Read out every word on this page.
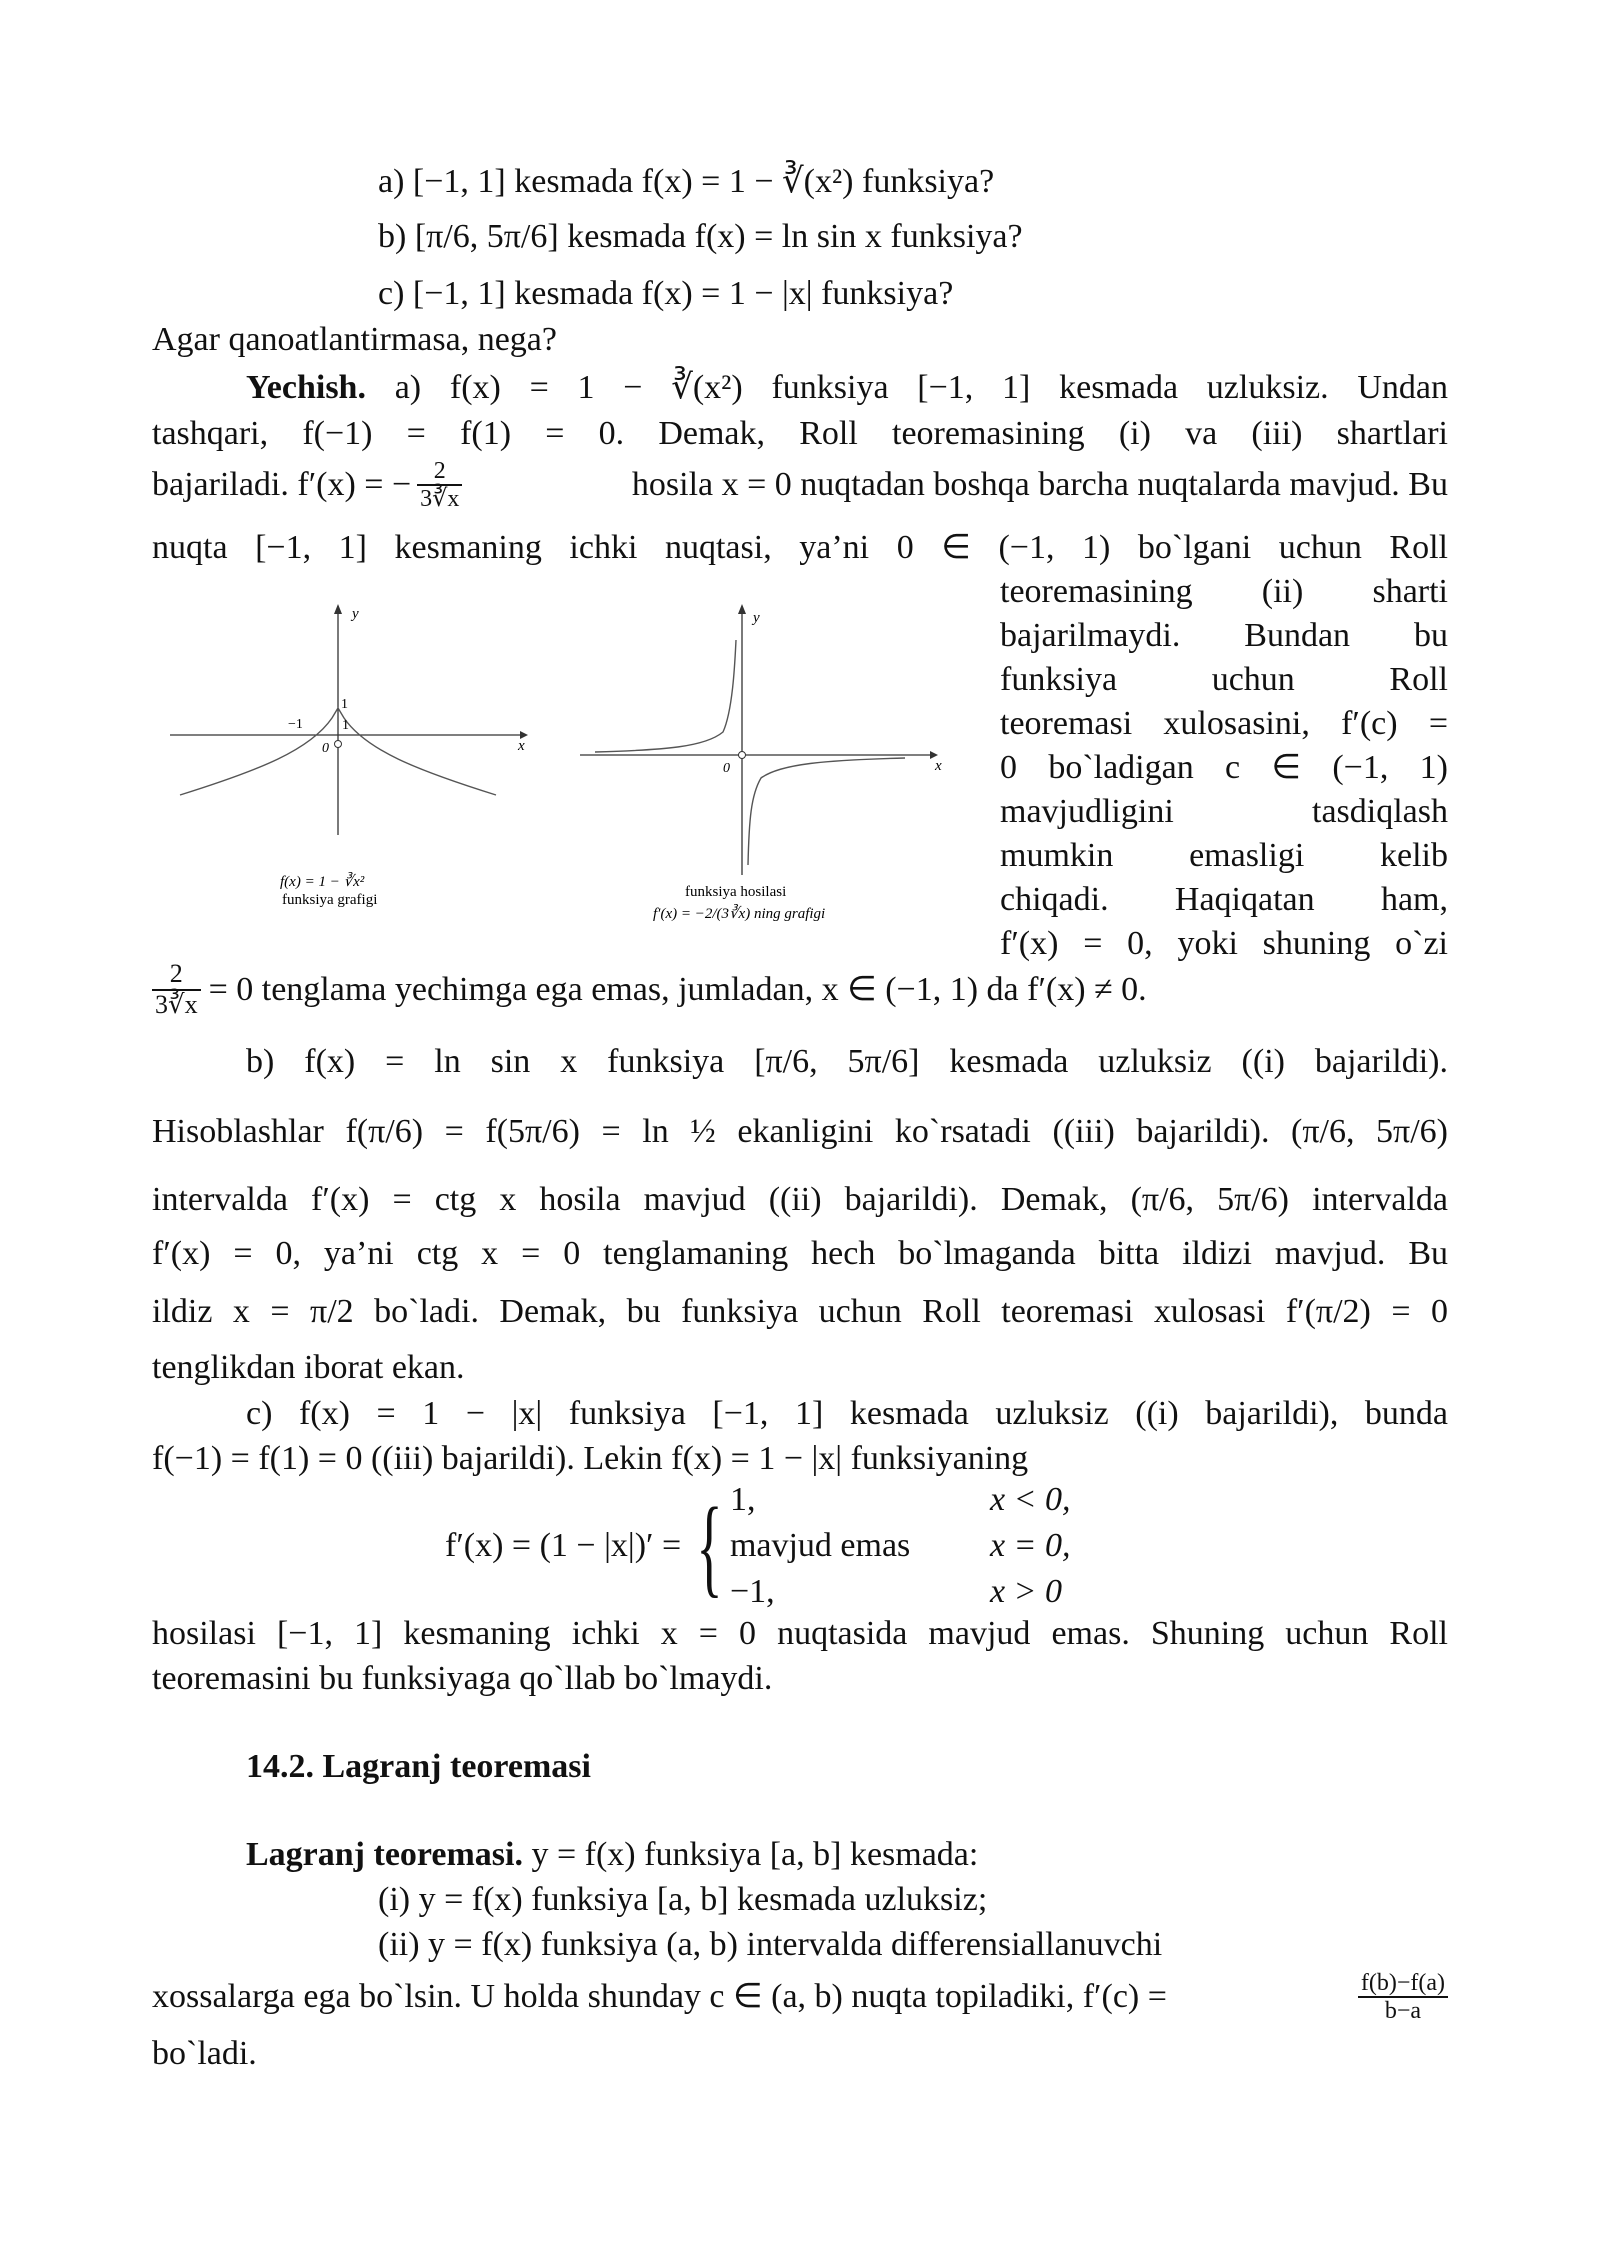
a) [−1, 1] kesmada f(x) = 1 − ∛(x²) funksiya?
b) [π/6, 5π/6] kesmada f(x) = ln sin x funksiya?
c) [−1, 1] kesmada f(x) = 1 − |x| funksiya?
Agar qanoatlantirmasa, nega?
Yechish. a) f(x) = 1 − ∛(x²) funksiya [−1, 1] kesmada uzluksiz. Undan
tashqari, f(−1) = f(1) = 0. Demak, Roll teoremasining (i) va (iii) shartlari
bajariladi. f′(x) = − $\frac{2}{3∛x}$	hosila x = 0 nuqtadan boshqa barcha nuqtalarda mavjud. Bu
nuqta [−1, 1] kesmaning ichki nuqtasi, ya’ni 0 ∈ (−1, 1) bo`lgani uchun Roll
teoremasining (ii) sharti
bajarilmaydi. Bundan bu
funksiya uchun Roll
teoremasi xulosasini, f′(c) =
0 bo`ladigan c ∈ (−1, 1)
mavjudligini tasdiqlash
mumkin emasligi kelib
chiqadi. Haqiqatan ham,
f′(x) = 0, yoki shuning o`zi
y
x
0
−1	1
1
f(x) = 1 − ∛x²
funksiya grafigi
y
x
0
funksiya hosilasi
f′(x) = −2/(3∛x) ning grafigi
$\frac{2}{3∛x} = 0$ tenglama yechimga ega emas, jumladan, x ∈ (−1, 1) da f′(x) ≠ 0.
b) f(x) = ln sin x funksiya [π/6, 5π/6] kesmada uzluksiz ((i) bajarildi).
Hisoblashlar f(π/6) = f(5π/6) = ln ½ ekanligini ko`rsatadi ((iii) bajarildi). (π/6, 5π/6)
intervalda f′(x) = ctg x hosila mavjud ((ii) bajarildi). Demak, (π/6, 5π/6) intervalda
f′(x) = 0, ya’ni ctg x = 0 tenglamaning hech bo`lmaganda bitta ildizi mavjud. Bu
ildiz x = π/2 bo`ladi. Demak, bu funksiya uchun Roll teoremasi xulosasi f′(π/2) = 0
tenglikdan iborat ekan.
c) f(x) = 1 − |x| funksiya [−1, 1] kesmada uzluksiz ((i) bajarildi), bunda
f(−1) = f(1) = 0 ((iii) bajarildi). Lekin f(x) = 1 − |x| funksiyaning
f′(x) = (1 − |x|)′ = { 1,	x < 0,
mavjud emas	x = 0,
−1,	x > 0
hosilasi [−1, 1] kesmaning ichki x = 0 nuqtasida mavjud emas. Shuning uchun Roll
teoremasini bu funksiyaga qo`llab bo`lmaydi.
14.2. Lagranj teoremasi
Lagranj teoremasi. y = f(x) funksiya [a, b] kesmada:
(i) y = f(x) funksiya [a, b] kesmada uzluksiz;
(ii) y = f(x) funksiya (a, b) intervalda differensiallanuvchi
xossalarga ega bo`lsin. U holda shunday c ∈ (a, b) nuqta topiladiki, f′(c) =	$\frac{f(b)-f(a)}{b-a}$
bo`ladi.
